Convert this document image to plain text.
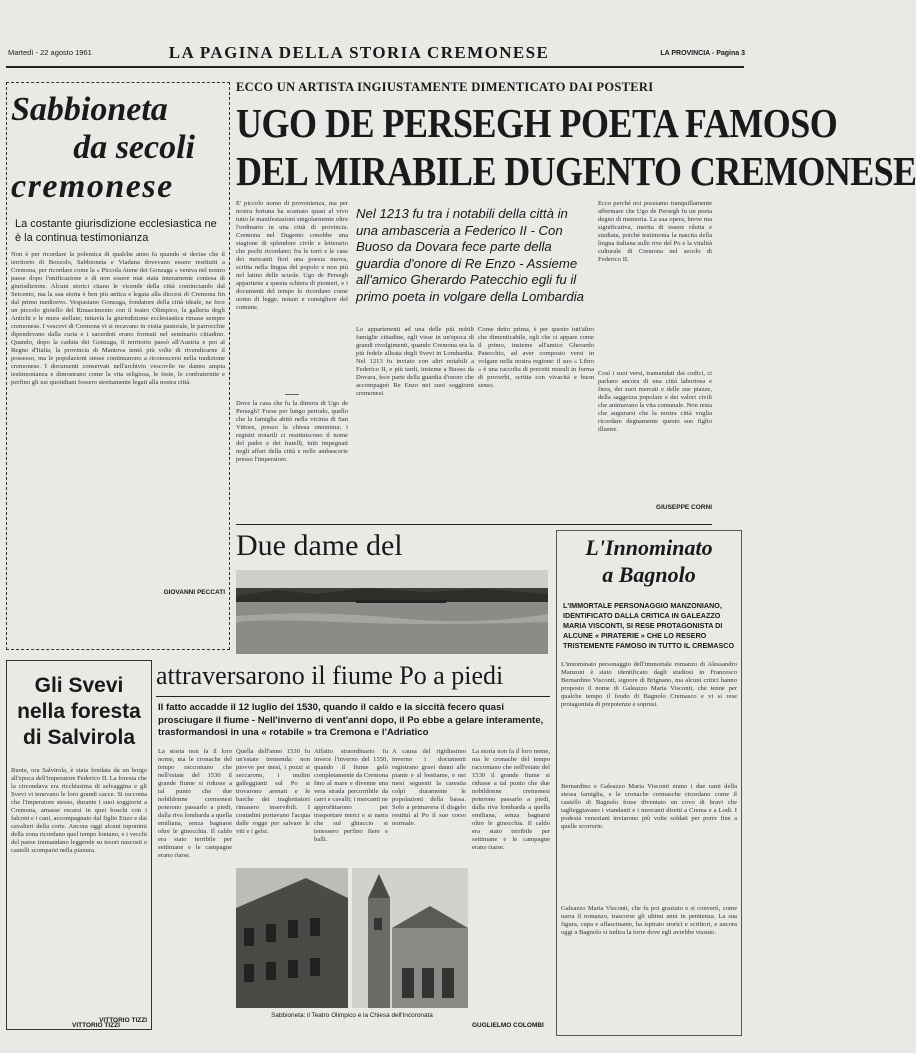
Martedì - 22 agosto 1961	LA PAGINA DELLA STORIA CREMONESE	LA PROVINCIA - Pagina 3
Sabbioneta
da secoli
cremonese
La costante giurisdizione ecclesiastica ne è la continua testimonianza
Non è per ricordare la polemica di qualche anno fa quando si decise che il territorio di Bozzolo, Sabbioneta e Viadana dovevano essere restituiti a Cremona, per ricordare come la « Piccola Atene dei Gonzaga » veniva nel nostro paese dopo l'unificazione e di non essere mai stata interamente contesa di giurisdizione. Alcuni storici citano le vicende della città cominciando dal Seicento, ma la sua storia è ben più antica e legata alla diocesi di Cremona fin dal primo medioevo. Vespasiano Gonzaga, fondatore della città ideale, ne fece un piccolo gioiello del Rinascimento con il teatro Olimpico, la galleria degli Antichi e le mura stellate; tuttavia la giurisdizione ecclesiastica rimase sempre cremonese. I vescovi di Cremona vi si recavano in visita pastorale, le parrocchie dipendevano dalla curia e i sacerdoti erano formati nel seminario cittadino. Quando, dopo la caduta dei Gonzaga, il territorio passò all'Austria e poi al Regno d'Italia, la provincia di Mantova tentò più volte di rivendicarne il possesso, ma le popolazioni stesse continuarono a riconoscersi nella tradizione cremonese. I documenti conservati nell'archivio vescovile ne danno ampia testimonianza e dimostrano come la vita religiosa, le feste, le confraternite e perfino gli usi quotidiani fossero strettamente legati alla nostra città.
GIOVANNI PECCATI
ECCO UN ARTISTA INGIUSTAMENTE DIMENTICATO DAI POSTERI
UGO DE PERSEGH POETA FAMOSO
DEL MIRABILE DUGENTO CREMONESE
E' piccolo uomo di provenienza, ma per nostra fortuna ha scamato quasi al vivo tutto le manifestazioni singolarmente oltre l'ordinario in una città di provincia. Cremona nel Dugento conobbe una stagione di splendore civile e letterario che pochi ricordano; fra le torri e le case dei mercanti fiorì una poesia nuova, scritta nella lingua del popolo e non più nel latino delle scuole. Ugo de Persegh appartiene a questa schiera di pionieri, e i documenti del tempo lo ricordano come uomo di legge, notaio e consigliere del comune.
Dove la casa che fu la dimora di Ugo de Persegh? Forse per lungo periodo, quello che la famiglia abitò nella vicinia di San Vittore, presso la chiesa omonima; i registri notarili ci restituiscono il nome del padre e dei fratelli, tutti impegnati negli affari della città e nelle ambascerie presso l'imperatore.
Nel 1213 fu tra i notabili della città in una ambasceria a Federico II - Con Buoso da Dovara fece parte della guardia d'onore di Re Enzo - Assieme all'amico Gherardo Patecchio egli fu il primo poeta in volgare della Lombardia
Lo appartenenti ad una delle più nobili famiglie cittadine, egli visse in un'epoca di grandi rivolgimenti, quando Cremona era la più fedele alleata degli Svevi in Lombardia. Nel 1213 fu inviato con altri notabili a Federico II, e più tardi, insieme a Buoso da Dovara, fece parte della guardia d'onore che accompagnò Re Enzo nei suoi soggiorni cremonesi.
Come detto prima, è per questo tutt'altro che dimenticabile, egli che ci appare come il primo, insieme all'amico Gherardo Patecchio, ad aver composto versi in volgare nella nostra regione: il suo « Libro » è una raccolta di precetti morali in forma di proverbi, scritta con vivacità e buon senso.
Ecco perché noi possiamo tranquillamente affermare che Ugo de Persegh fu un poeta degno di memoria. La sua opera, breve ma significativa, merita di essere riletta e studiata, poiché testimonia la nascita della lingua italiana sulle rive del Po e la vitalità culturale di Cremona nel secolo di Federico II.
Così i suoi versi, tramandati dai codici, ci parlano ancora di una città laboriosa e fiera, dei suoi mercati e delle sue piazze, della saggezza popolare e dei valori civili che animavano la vita comunale. Non resta che augurarsi che la nostra città voglia ricordare degnamente questo suo figlio illustre.
GIUSEPPE CORNI
Due dame del	L'Innominato
a Bagnolo
L'IMMORTALE PERSONAGGIO MANZONIANO, IDENTIFICATO DALLA CRITICA IN GALEAZZO MARIA VISCONTI, SI RESE PROTAGONISTA DI ALCUNE « PIRATERIE » CHE LO RESERO TRISTEMENTE FAMOSO IN TUTTO IL CREMASCO
L'innominato personaggio dell'immortale romanzo di Alessandro Manzoni è stato identificato dagli studiosi in Francesco Bernardino Visconti, signore di Brignano, ma alcuni critici hanno proposto il nome di Galeazzo Maria Visconti, che tenne per qualche tempo il feudo di Bagnolo Cremasco e vi si rese protagonista di prepotenze e soprusi.
Bernardino e Galeazzo Maria Visconti erano i due rami della stessa famiglia, e le cronache cremasche ricordano come il castello di Bagnolo fosse diventato un covo di bravi che taglieggiavano i viandanti e i mercanti diretti a Crema e a Lodi. I podestà veneziani inviarono più volte soldati per porre fine a quelle scorrerie.
Galeazzo Maria Visconti, che fu poi graziato e si convertì, come narra il romanzo, trascorse gli ultimi anni in penitenza. La sua figura, cupa e affascinante, ha ispirato storici e scrittori, e ancora oggi a Bagnolo si indica la torre dove egli avrebbe vissuto.
Gli Svevi
nella foresta
di Salvirola
Ruote, ora Salvirola, è stata fondata da un borgo all'epoca dell'imperatore Federico II. La foresta che la circondava era ricchissima di selvaggina e gli Svevi vi tenevano le loro grandi cacce. Si racconta che l'imperatore stesso, durante i suoi soggiorni a Cremona, amasse recarsi in quei boschi con i falconi e i cani, accompagnato dal figlio Enzo e dai cavalieri della corte. Ancora oggi alcuni toponimi della zona ricordano quel tempo lontano, e i vecchi del paese tramandano leggende su tesori nascosti e castelli scomparsi nella pianura.
VITTORIO TIZZI
attraversarono il fiume Po a piedi
Il fatto accadde il 12 luglio del 1530, quando il caldo e la siccità fecero quasi prosciugare il fiume - Nell'inverno di vent'anni dopo, il Po ebbe a gelare interamente, trasformandosi in una « rotabile » tra Cremona e l'Adriatico
La storia non fa il loro nome, ma le cronache del tempo raccontano che nell'estate del 1530 il grande fiume si ridusse a tal punto che due nobildonne cremonesi poterono passarlo a piedi, dalla riva lombarda a quella emiliana, senza bagnarsi oltre le ginocchia. Il caldo era stato terribile per settimane e le campagne erano riarse.
Quella dell'anno 1530 fu un'estate tremenda: non piovve per mesi, i pozzi si seccarono, i mulini galleggianti sul Po si trovarono arenati e le barche dei traghettatori rimasero inservibili. I contadini portavano l'acqua dalle rogge per salvare le viti e i gelsi.
Affatto straordinario fu invece l'inverno del 1550, quando il fiume gelò completamente da Cremona fino al mare e divenne una vera strada percorribile da carri e cavalli; i mercanti ne approfittarono per trasportare merci e si narra che sul ghiaccio si tenessero perfino fiere e balli.
A causa del rigidissimo inverno i documenti registrano gravi danni alle piante e al bestiame, e nei mesi seguenti la carestia colpì duramente le popolazioni della bassa. Solo a primavera il disgelo restituì al Po il suo corso normale.
La storia non fa il loro nome, ma le cronache del tempo raccontano che nell'estate del 1530 il grande fiume si ridusse a tal punto che due nobildonne cremonesi poterono passarlo a piedi, dalla riva lombarda a quella emiliana, senza bagnarsi oltre le ginocchia. Il caldo era stato terribile per settimane e le campagne erano riarse.
Sabbioneta: il Teatro Olimpico e la Chiesa dell'Incoronata
VITTORIO TIZZI	GUGLIELMO COLOMBI
